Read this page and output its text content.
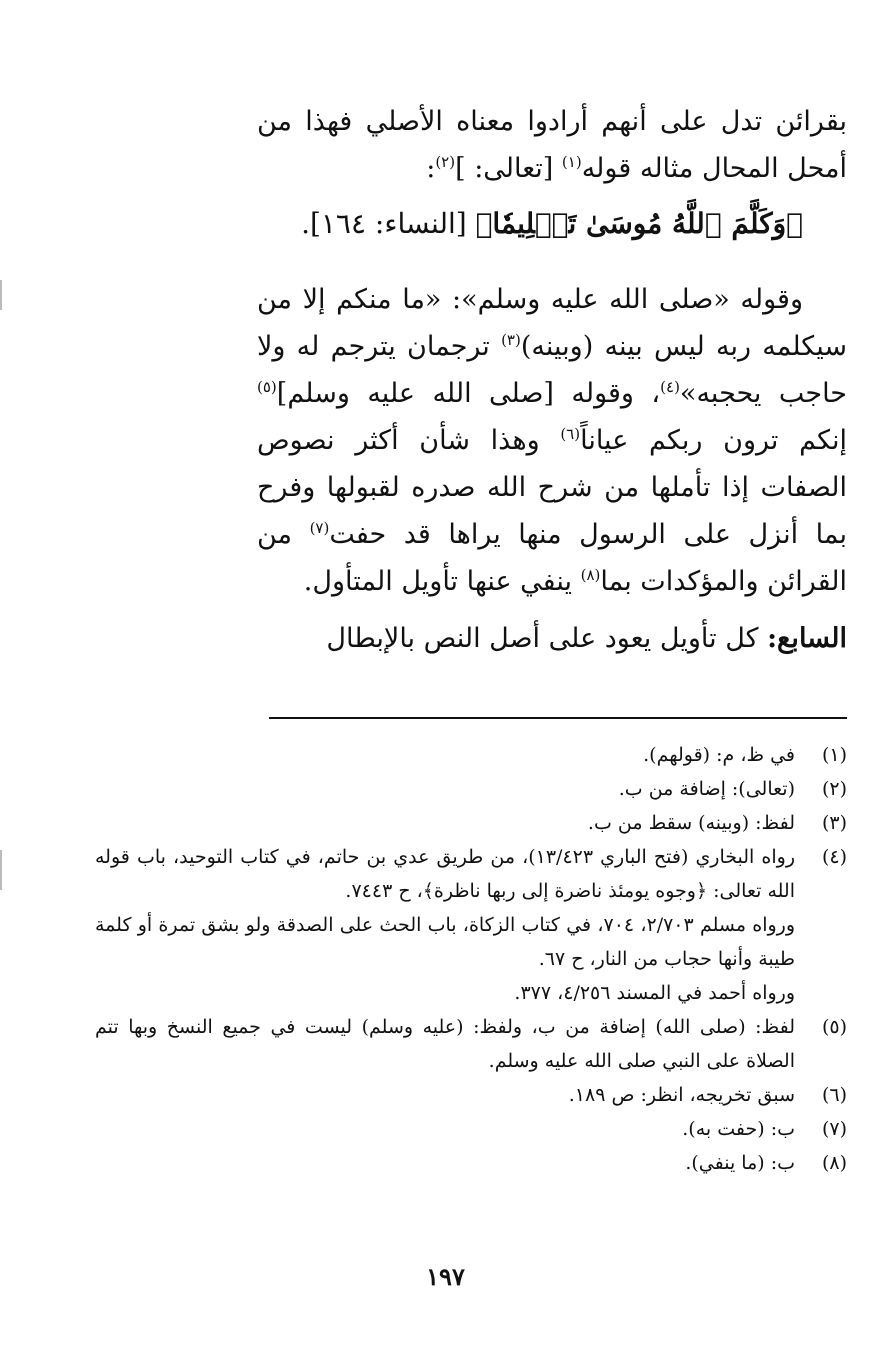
بقرائن تدل على أنهم أرادوا معناه الأصلي فهذا من أمحل المحال مثاله قوله$^{(١)}$ [تعالى: ]$^{(٢)}$:

﴿وَكَلَّمَ ٱللَّهُ مُوسَىٰ تَكۡلِيمٗا﴾ [النساء: ١٦٤].

وقوله «صلى الله عليه وسلم»: «ما منكم إلا من سيكلمه ربه ليس بينه (وبينه)$^{(٣)}$ ترجمان يترجم له ولا حاجب يحجبه»$^{(٤)}$، وقوله [صلى الله عليه وسلم]$^{(٥)}$ إنكم ترون ربكم عياناً$^{(٦)}$ وهذا شأن أكثر نصوص الصفات إذا تأملها من شرح الله صدره لقبولها وفرح بما أنزل على الرسول منها يراها قد حفت$^{(٧)}$ من القرائن والمؤكدات بما$^{(٨)}$ ينفي عنها تأويل المتأول.

السابع: كل تأويل يعود على أصل النص بالإبطال

(١)
في ظ، م: (قولهم).
(٢)
(تعالى): إضافة من ب.
(٣)
لفظ: (وبينه) سقط من ب.
(٤)
رواه البخاري (فتح الباري ١٣/٤٢٣)، من طريق عدي بن حاتم، في كتاب التوحيد، باب قوله الله تعالى: ﴿وجوه يومئذ ناضرة إلى ربها ناظرة﴾، ح ٧٤٤٣.
ورواه مسلم ٢/٧٠٣، ٧٠٤، في كتاب الزكاة، باب الحث على الصدقة ولو بشق تمرة أو كلمة طيبة وأنها حجاب من النار، ح ٦٧.
ورواه أحمد في المسند ٤/٢٥٦، ٣٧٧.
(٥)
لفظ: (صلى الله) إضافة من ب، ولفظ: (عليه وسلم) ليست في جميع النسخ وبها تتم الصلاة على النبي صلى الله عليه وسلم.
(٦)
سبق تخريجه، انظر: ص ١٨٩.
(٧)
ب: (حفت به).
(٨)
ب: (ما ينفي).
١٩٧
